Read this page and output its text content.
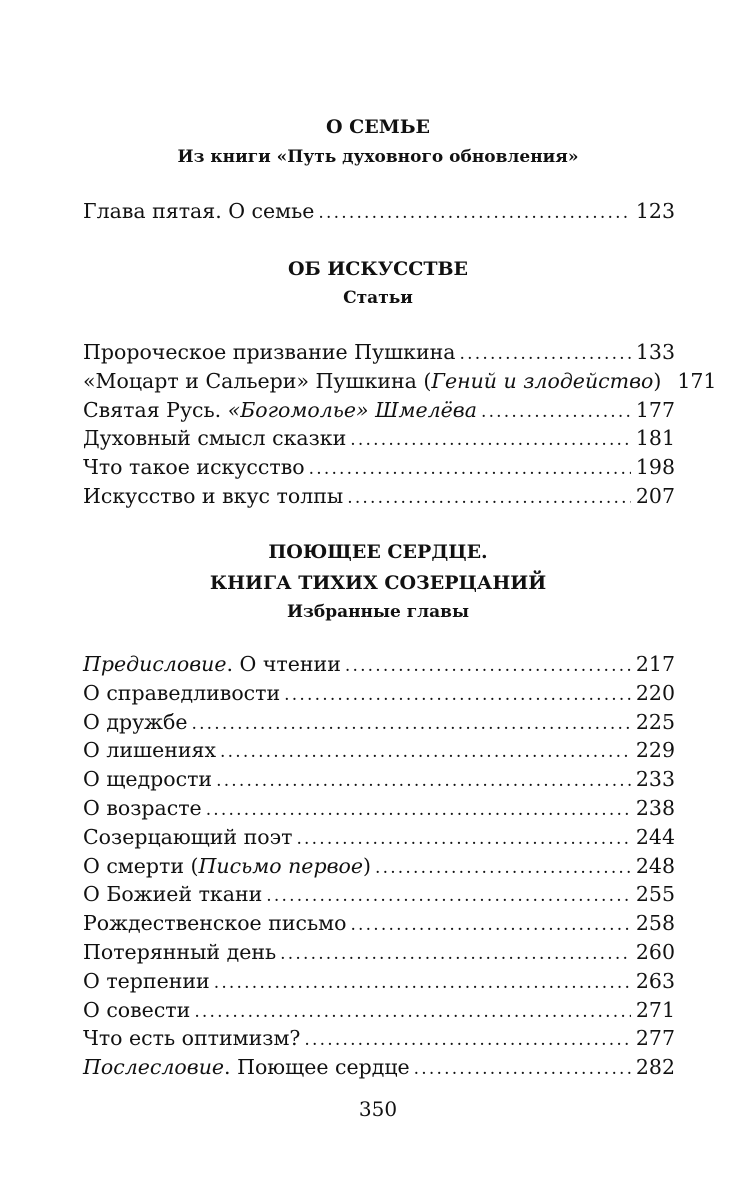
О СЕМЬЕ
Из книги «Путь духовного обновления»
Глава пятая. О семье . . .	123
ОБ ИСКУССТВЕ
Статьи
Пророческое призвание Пушкина . . .	133
«Моцарт и Сальери» Пушкина (Гений и злодейство) 171
Святая Русь. «Богомолье» Шмелёва . . .	177
Духовный смысл сказки . . .	181
Что такое искусство . . .	198
Искусство и вкус толпы . . .	207
ПОЮЩЕЕ СЕРДЦЕ.
КНИГА ТИХИХ СОЗЕРЦАНИЙ
Избранные главы
Предисловие. О чтении . . .	217
О справедливости . . .	220
О дружбе . . .	225
О лишениях . . .	229
О щедрости . . .	233
О возрасте . . .	238
Созерцающий поэт . . .	244
О смерти (Письмо первое) . . .	248
О Божией ткани . . .	255
Рождественское письмо . . .	258
Потерянный день . . .	260
О терпении . . .	263
О совести . . .	271
Что есть оптимизм? . . .	277
Послесловие. Поющее сердце . . .	282
350
